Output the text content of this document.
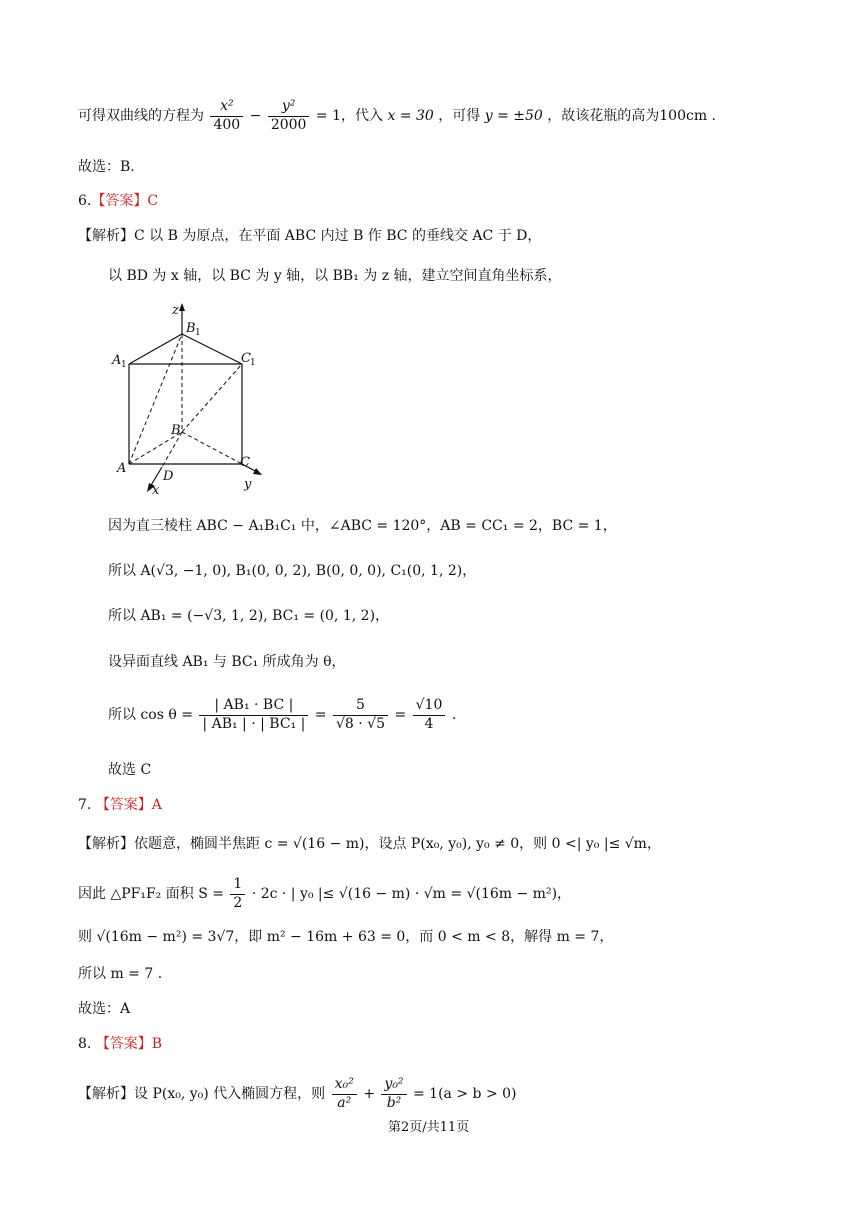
可得双曲线的方程为 $\frac{\text{x²}}{400} - \frac{\text{y²}}{2000} = 1$，代入 x = 30 ，可得 y = ±50 ，故该花瓶的高为100cm .
故选：B.
6.【答案】C
【解析】C 以 B 为原点，在平面 ABC 内过 B 作 BC 的垂线交 AC 于 D，
以 BD 为 x 轴，以 BC 为 y 轴，以 BB₁ 为 z 轴，建立空间直角坐标系，
z
B 1
A 1	C 1
B
A	C
D
x	y
因为直三棱柱 ABC − A₁B₁C₁ 中，∠ABC = 120°，AB = CC₁ = 2，BC = 1，
所以 A(√3, −1, 0), B₁(0, 0, 2), B(0, 0, 0), C₁(0, 1, 2)，
所以 AB₁ = (−√3, 1, 2), BC₁ = (0, 1, 2)，
设异面直线 AB₁ 与 BC₁ 所成角为 θ，
所以 $\cos \theta = \frac{\text{| AB₁ · BC |}}{\text{| AB₁ | · | BC₁ |}} = \frac{5}{√8 \cdot √5} = \frac{√10}{4}$ .
故选 C
7. 【答案】A
【解析】依题意，椭圆半焦距 c = √(16 − m)，设点 P(x₀, y₀), y₀ ≠ 0，则 0 <| y₀ |≤ √m，
因此 △PF₁F₂ 面积 $S = \frac{1}{2} \cdot 2c$ · | y₀ |≤ √(16 − m) · √m = √(16m − m²)，
则 √(16m − m²) = 3√7，即 m² − 16m + 63 = 0，而 0 < m < 8，解得 m = 7，
所以 m = 7 .
故选：A
8. 【答案】B
【解析】设 P(x₀, y₀) 代入椭圆方程，则 $\frac{\text{x₀²}}{\text{a²}} + \frac{\text{y₀²}}{\text{b²}} = 1(a > b > 0)$
第2页/共11页
